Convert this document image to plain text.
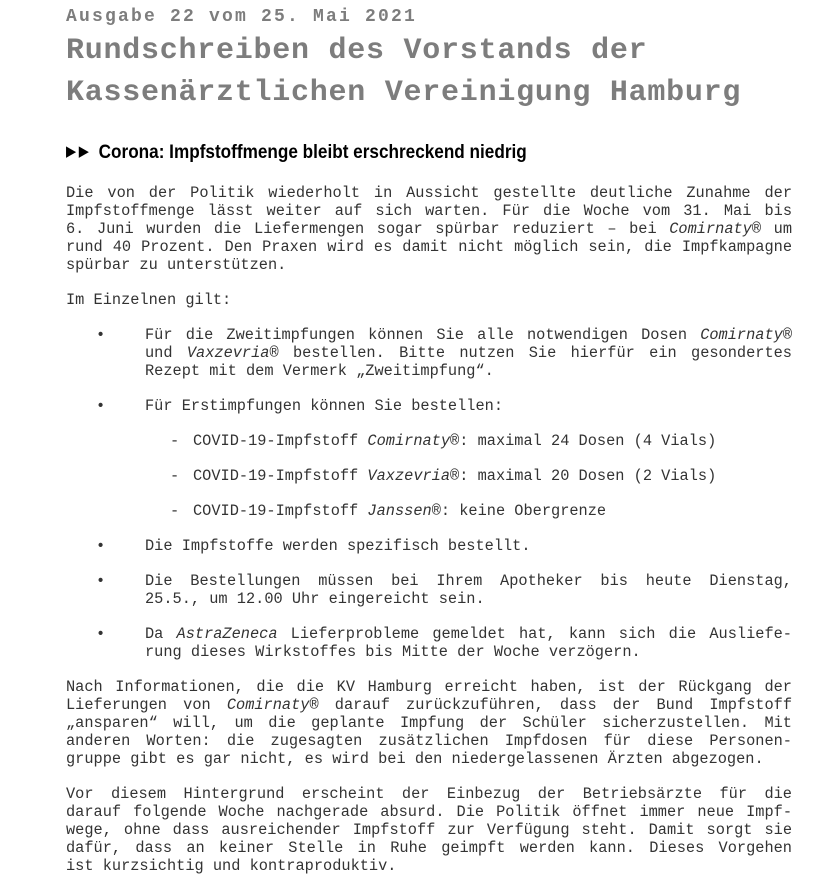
Ausgabe 22 vom 25. Mai 2021
Rundschreiben des Vorstands der
Kassenärztlichen Vereinigung Hamburg
▶ ▶ Corona: Impfstoffmenge bleibt erschreckend niedrig
Die von der Politik wiederholt in Aussicht gestellte deutliche Zunahme der
Impfstoffmenge lässt weiter auf sich warten. Für die Woche vom 31. Mai bis
6. Juni wurden die Liefermengen sogar spürbar reduziert – bei Comirnaty® um
rund 40 Prozent. Den Praxen wird es damit nicht möglich sein, die Impfkampagne
spürbar zu unterstützen.
Im Einzelnen gilt:
•	Für die Zweitimpfungen können Sie alle notwendigen Dosen Comirnaty®
und Vaxzevria® bestellen. Bitte nutzen Sie hierfür ein gesondertes
Rezept mit dem Vermerk „Zweitimpfung“.
•	Für Erstimpfungen können Sie bestellen:
- COVID-19-Impfstoff Comirnaty®: maximal 24 Dosen (4 Vials)
- COVID-19-Impfstoff Vaxzevria®: maximal 20 Dosen (2 Vials)
- COVID-19-Impfstoff Janssen®: keine Obergrenze
•	Die Impfstoffe werden spezifisch bestellt.
•	Die Bestellungen müssen bei Ihrem Apotheker bis heute Dienstag,
25.5., um 12.00 Uhr eingereicht sein.
•	Da AstraZeneca Lieferprobleme gemeldet hat, kann sich die Ausliefe-
rung dieses Wirkstoffes bis Mitte der Woche verzögern.
Nach Informationen, die die KV Hamburg erreicht haben, ist der Rückgang der
Lieferungen von Comirnaty® darauf zurückzuführen, dass der Bund Impfstoff
„ansparen“ will, um die geplante Impfung der Schüler sicherzustellen. Mit
anderen Worten: die zugesagten zusätzlichen Impfdosen für diese Personen-
gruppe gibt es gar nicht, es wird bei den niedergelassenen Ärzten abgezogen.
Vor diesem Hintergrund erscheint der Einbezug der Betriebsärzte für die
darauf folgende Woche nachgerade absurd. Die Politik öffnet immer neue Impf-
wege, ohne dass ausreichender Impfstoff zur Verfügung steht. Damit sorgt sie
dafür, dass an keiner Stelle in Ruhe geimpft werden kann. Dieses Vorgehen
ist kurzsichtig und kontraproduktiv.
